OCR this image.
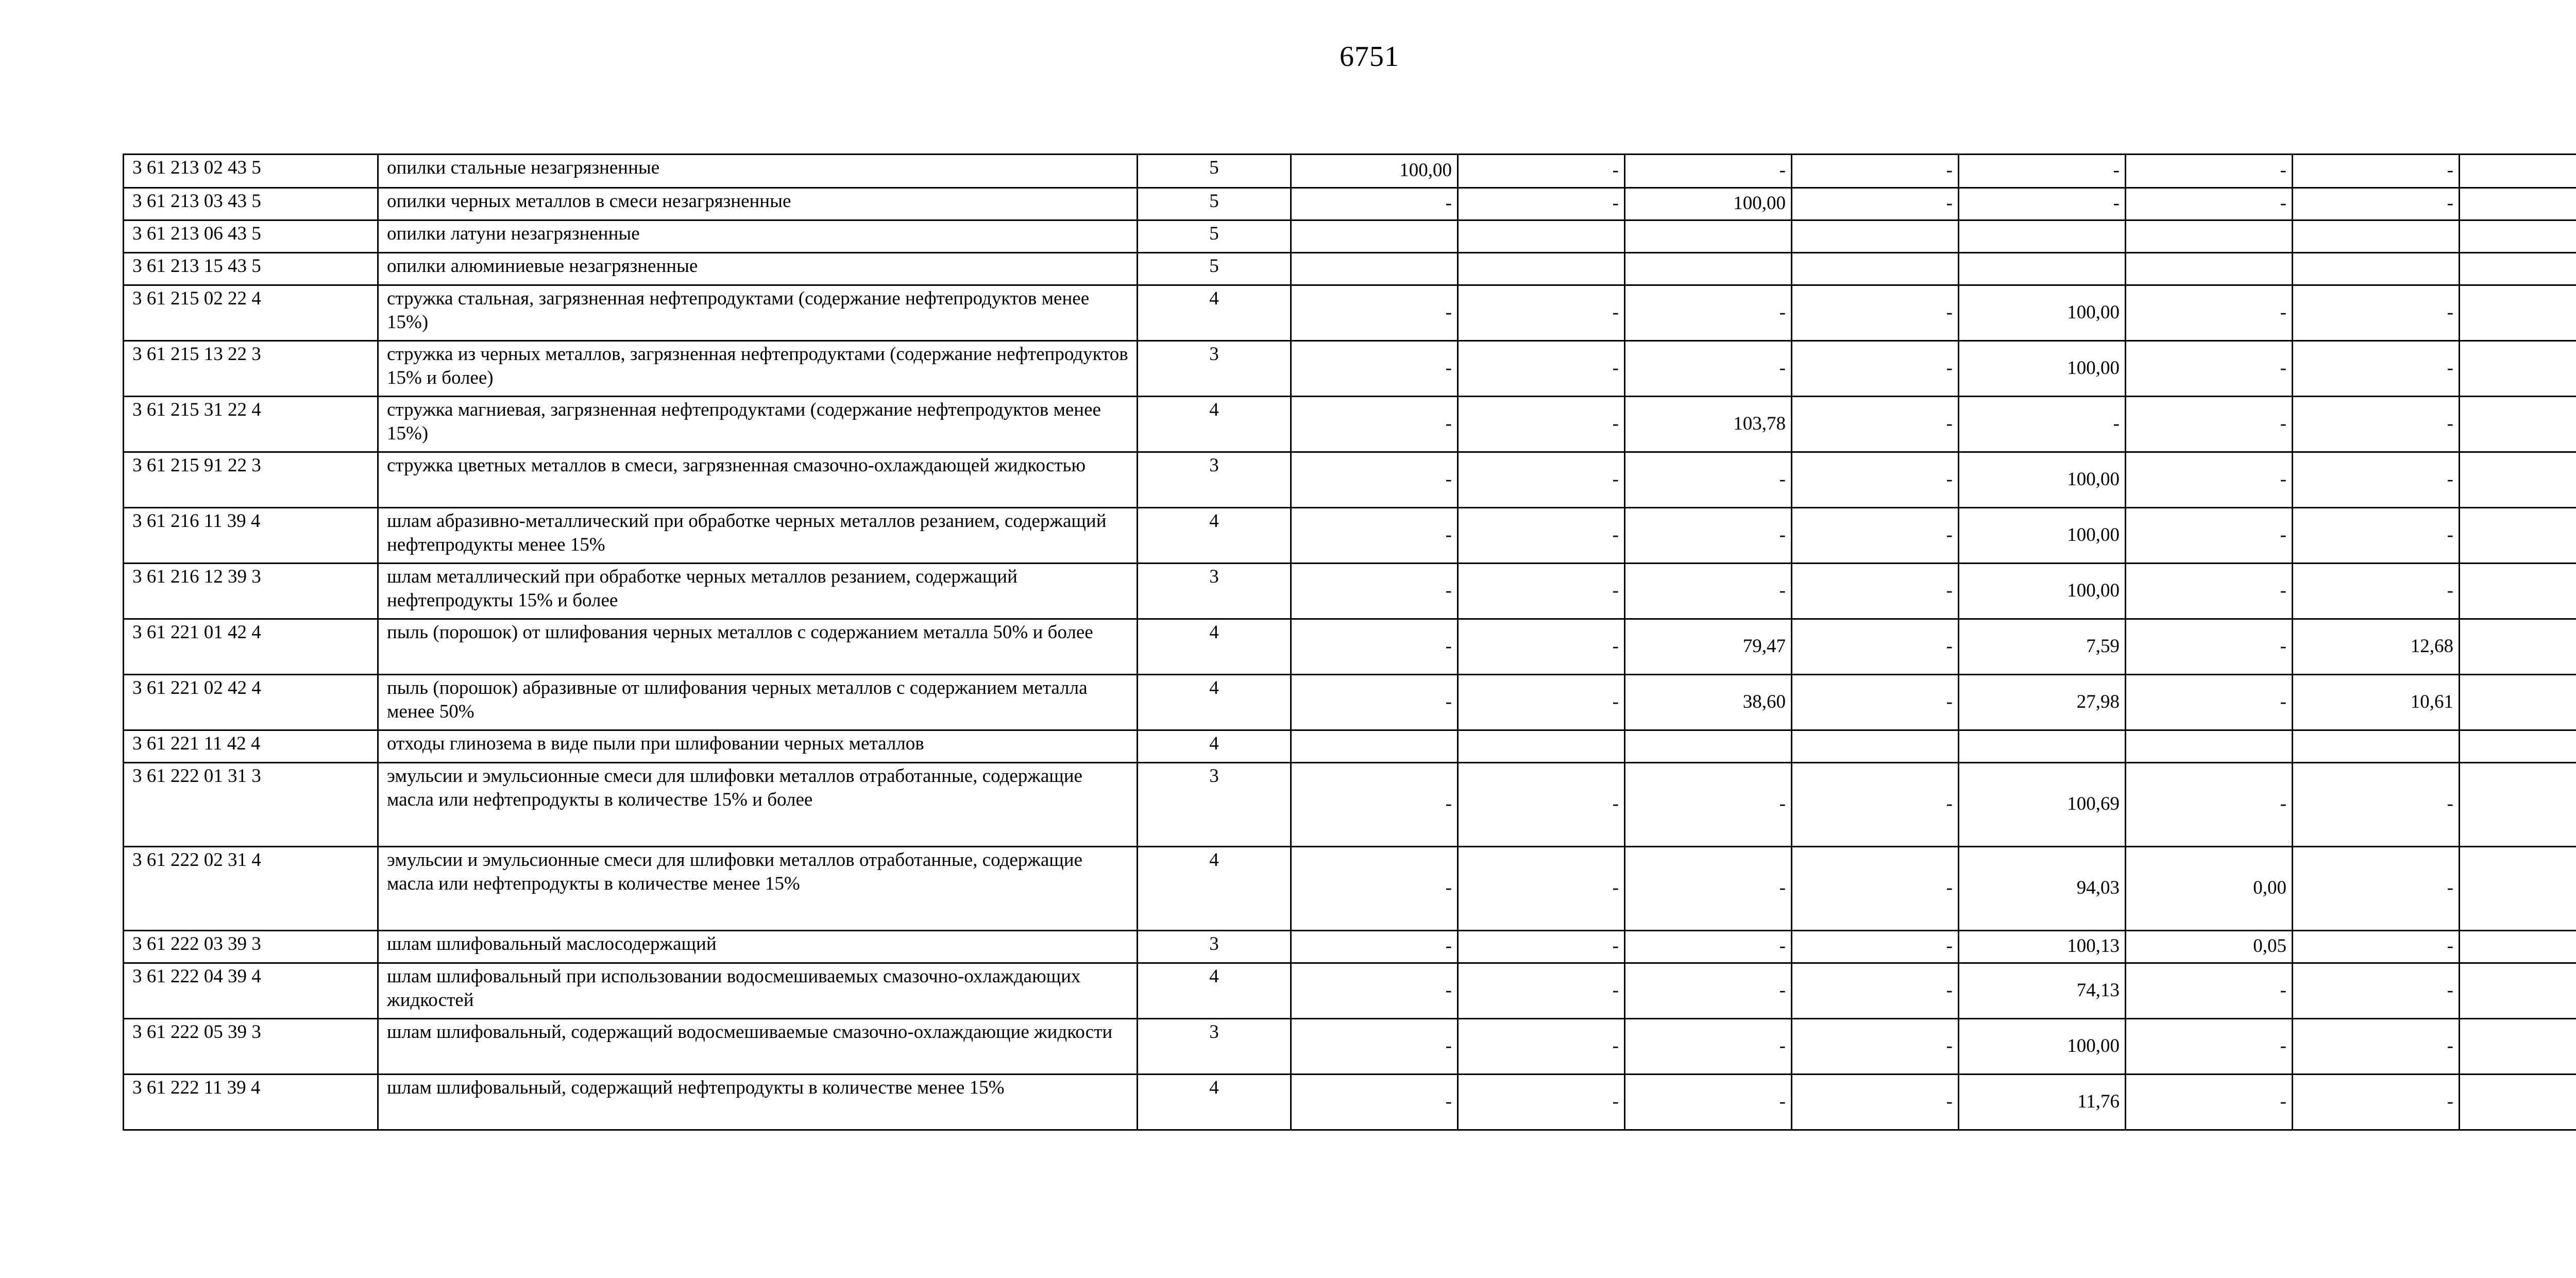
6751
3 61 213 02 43 5	опилки стальные незагрязненные	5	100,00	-	-	-	-	-	-	
3 61 213 03 43 5	опилки черных металлов в смеси незагрязненные	5	-	-	100,00	-	-	-	-	
3 61 213 06 43 5	опилки латуни незагрязненные	5								
3 61 213 15 43 5	опилки алюминиевые незагрязненные	5								
3 61 215 02 22 4	стружка стальная, загрязненная нефтепродуктами (содержание нефтепродуктов менее 15%)	4	-	-	-	-	100,00	-	-	
3 61 215 13 22 3	стружка из черных металлов, загрязненная нефтепродуктами (содержание нефтепродуктов 15% и более)	3	-	-	-	-	100,00	-	-	
3 61 215 31 22 4	стружка магниевая, загрязненная нефтепродуктами (содержание нефтепродуктов менее 15%)	4	-	-	103,78	-	-	-	-	
3 61 215 91 22 3	стружка цветных металлов в смеси, загрязненная смазочно-охлаждающей жидкостью	3	-	-	-	-	100,00	-	-	
3 61 216 11 39 4	шлам абразивно-металлический при обработке черных металлов резанием, содержащий нефтепродукты менее 15%	4	-	-	-	-	100,00	-	-	
3 61 216 12 39 3	шлам металлический при обработке черных металлов резанием, содержащий нефтепродукты 15% и более	3	-	-	-	-	100,00	-	-	
3 61 221 01 42 4	пыль (порошок) от шлифования черных металлов с содержанием металла 50% и более	4	-	-	79,47	-	7,59	-	12,68	
3 61 221 02 42 4	пыль (порошок) абразивные от шлифования черных металлов с содержанием металла менее 50%	4	-	-	38,60	-	27,98	-	10,61	
3 61 221 11 42 4	отходы глинозема в виде пыли при шлифовании черных металлов	4								
3 61 222 01 31 3	эмульсии и эмульсионные смеси для шлифовки металлов отработанные, содержащие масла или нефтепродукты в количестве 15% и более	3	-	-	-	-	100,69	-	-	
3 61 222 02 31 4	эмульсии и эмульсионные смеси для шлифовки металлов отработанные, содержащие масла или нефтепродукты в количестве менее 15%	4	-	-	-	-	94,03	0,00	-	
3 61 222 03 39 3	шлам шлифовальный маслосодержащий	3	-	-	-	-	100,13	0,05	-	
3 61 222 04 39 4	шлам шлифовальный при использовании водосмешиваемых смазочно-охлаждающих жидкостей	4	-	-	-	-	74,13	-	-	
3 61 222 05 39 3	шлам шлифовальный, содержащий водосмешиваемые смазочно-охлаждающие жидкости	3	-	-	-	-	100,00	-	-	
3 61 222 11 39 4	шлам шлифовальный, содержащий нефтепродукты в количестве менее 15%	4	-	-	-	-	11,76	-	-	
